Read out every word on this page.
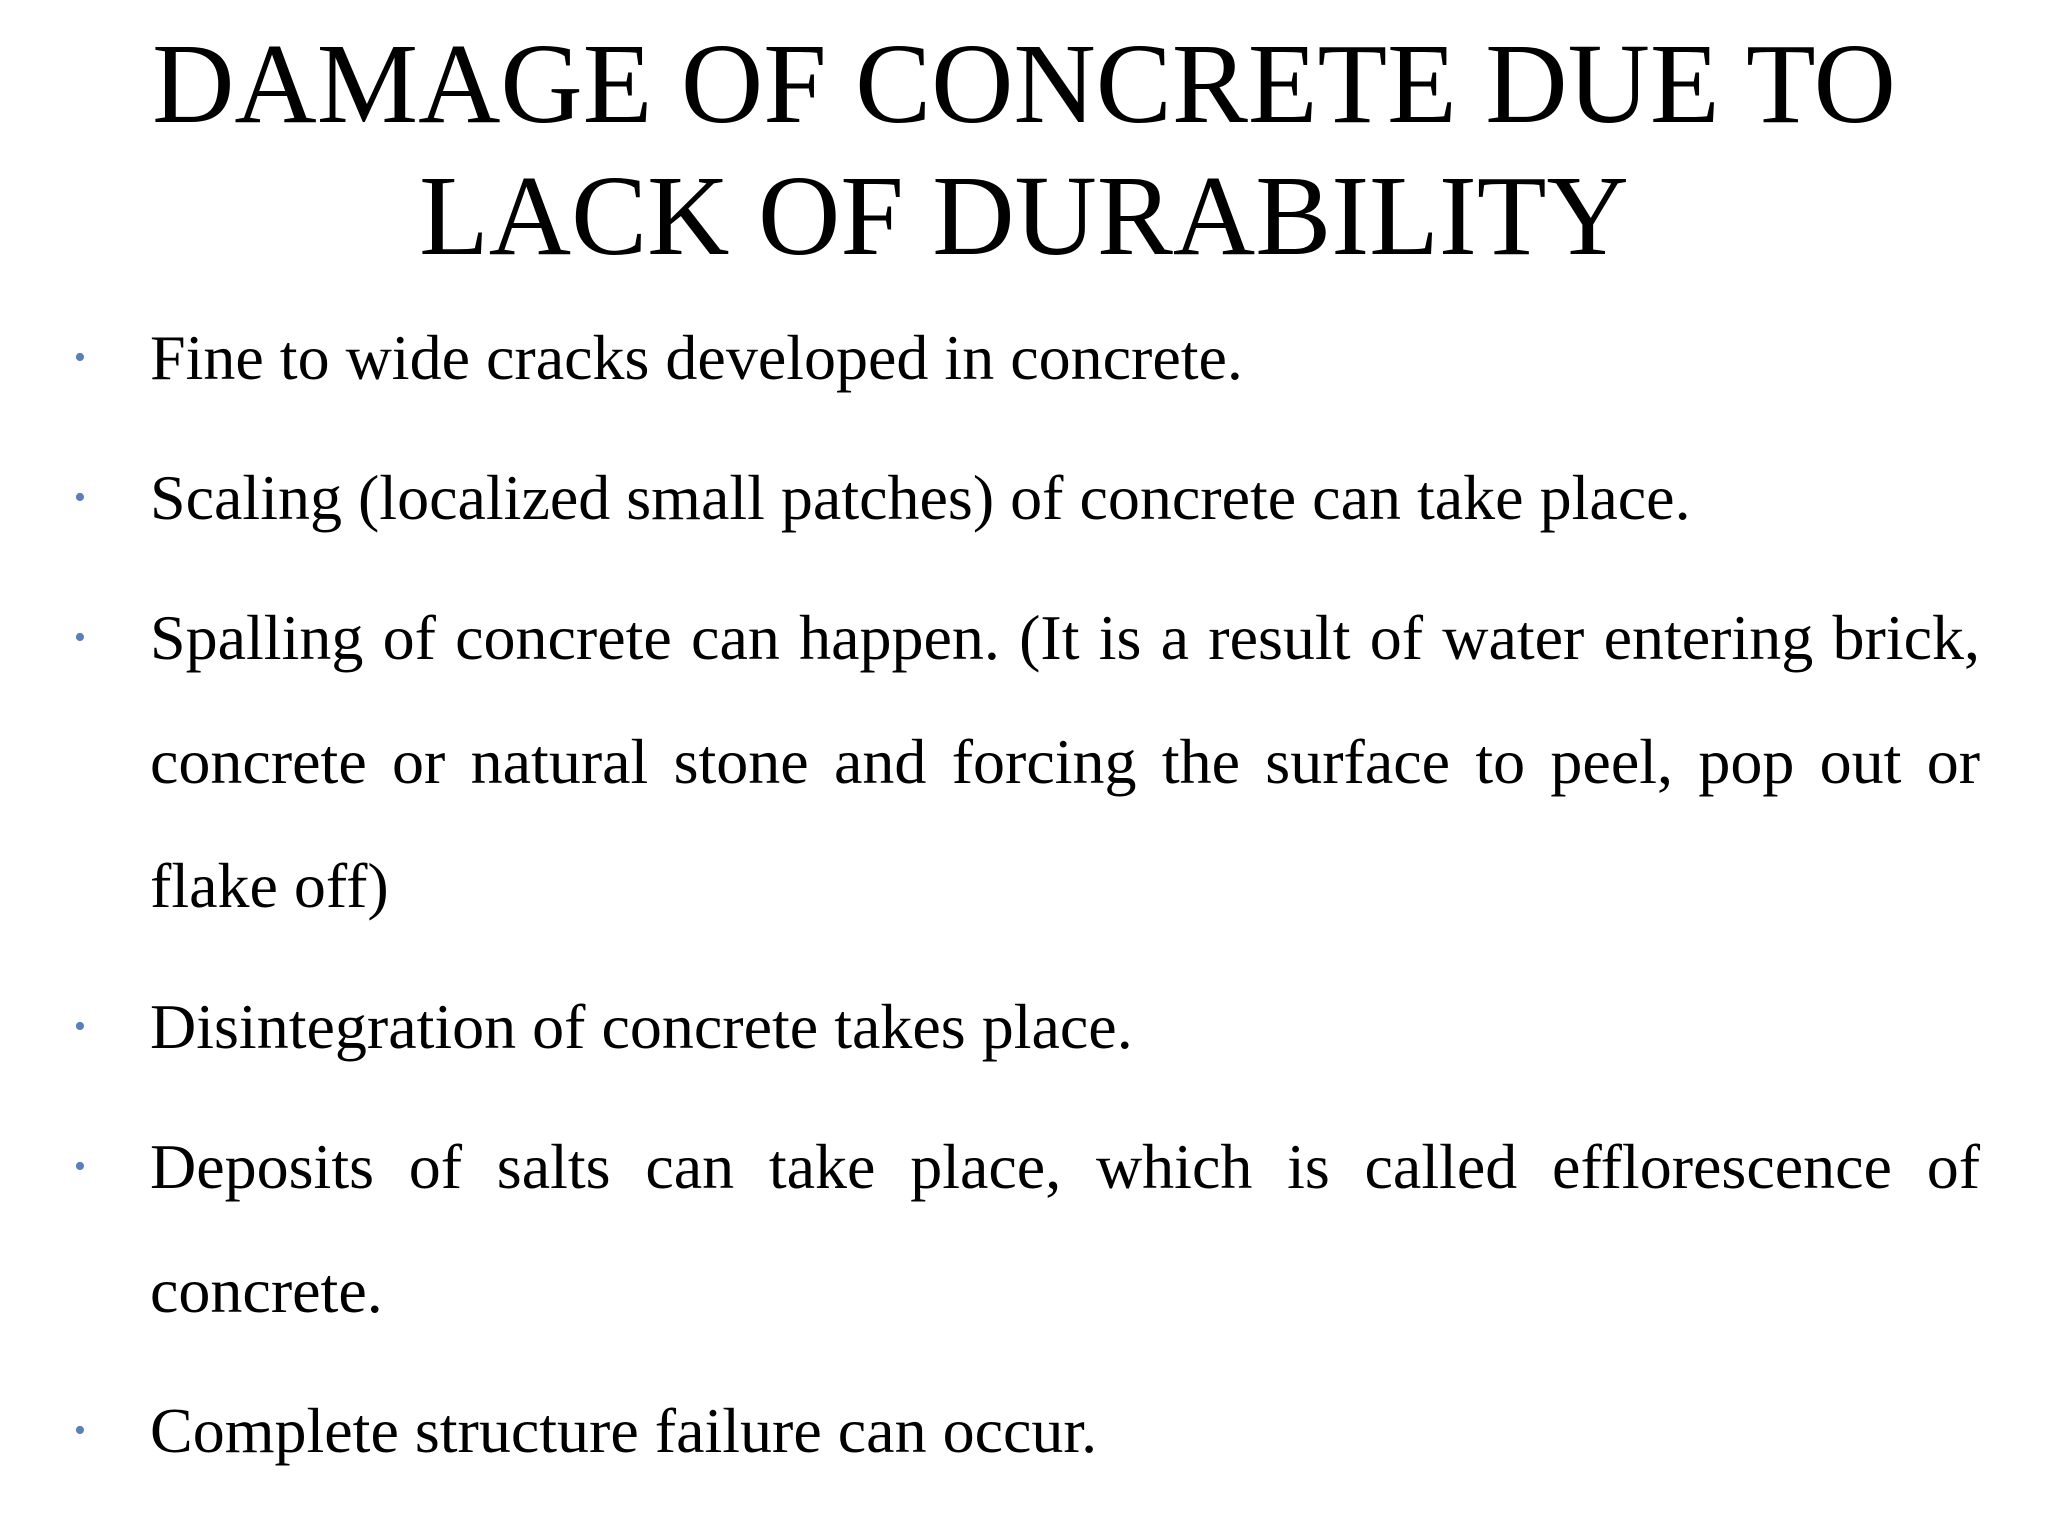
DAMAGE OF CONCRETE DUE TO
LACK OF DURABILITY
• Fine to wide cracks developed in concrete.
• Scaling (localized small patches) of concrete can take place.
• Spalling of concrete can happen. (It is a result of water entering brick, concrete or natural stone and forcing the surface to peel, pop out or flake off)
• Disintegration of concrete takes place.
• Deposits of salts can take place, which is called efflorescence of concrete.
• Complete structure failure can occur.
